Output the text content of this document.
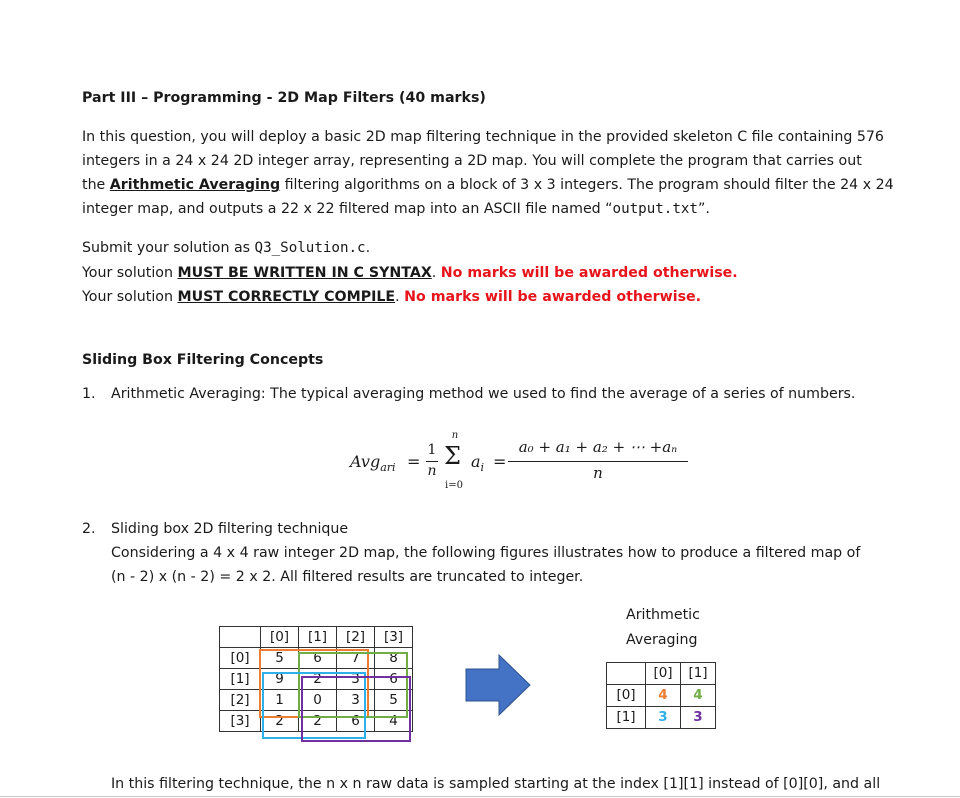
Part III – Programming - 2D Map Filters (40 marks)
In this question, you will deploy a basic 2D map filtering technique in the provided skeleton C file containing 576
integers in a 24 x 24 2D integer array, representing a 2D map. You will complete the program that carries out
the Arithmetic Averaging filtering algorithms on a block of 3 x 3 integers. The program should filter the 24 x 24
integer map, and outputs a 22 x 22 filtered map into an ASCII file named “output.txt”.
Submit your solution as Q3_Solution.c.
Your solution MUST BE WRITTEN IN C SYNTAX. No marks will be awarded otherwise.
Your solution MUST CORRECTLY COMPILE. No marks will be awarded otherwise.
Sliding Box Filtering Concepts
1. Arithmetic Averaging: The typical averaging method we used to find the average of a series of numbers.
Avg$_{ari}$ =
1
n
n
Σ
i=0
$a_i$ =
a₀ + a₁ + a₂ + ⋯ +aₙ
n
2. Sliding box 2D filtering technique
Considering a 4 x 4 raw integer 2D map, the following figures illustrates how to produce a filtered map of
(n - 2) x (n - 2) = 2 x 2. All filtered results are truncated to integer.
	[0]	[1]	[2]	[3]
[0]	5	6	7	8
[1]	9	2	3	6
[2]	1	0	3	5
[3]	2	2	6	4
Arithmetic
Averaging
	[0]	[1]
[0]	4	4
[1]	3	3
In this filtering technique, the n x n raw data is sampled starting at the index [1][1] instead of [0][0], and all
